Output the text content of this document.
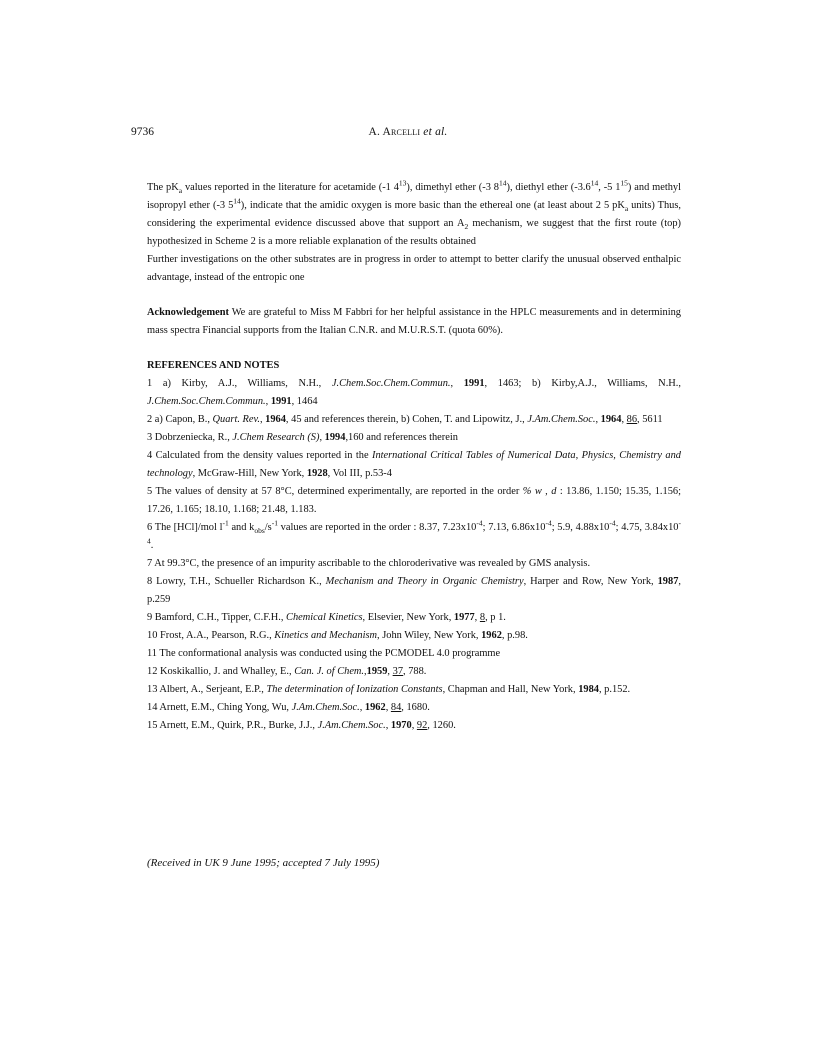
9736	A. Arcelli et al.

The $pK_a$ values reported in the literature for acetamide (-1 $4^{13}$), dimethyl ether (-3 $8^{14}$), diethyl ether ($-3.6^{14}$, -5 $1^{15}$) and methyl isopropyl ether (-3 $5^{14}$), indicate that the amidic oxygen is more basic than the ethereal one (at least about 2 5 $pK_a$ units) Thus, considering the experimental evidence discussed above that support an $A_2$ mechanism, we suggest that the first route (top) hypothesized in Scheme 2 is a more reliable explanation of the results obtained

Further investigations on the other substrates are in progress in order to attempt to better clarify the unusual observed enthalpic advantage, instead of the entropic one

Acknowledgement We are grateful to Miss M Fabbri for her helpful assistance in the HPLC measurements and in determining mass spectra Financial supports from the Italian C.N.R. and M.U.R.S.T. (quota 60%).

REFERENCES AND NOTES

1 a) Kirby, A.J., Williams, N.H., J.Chem.Soc.Chem.Commun., 1991, 1463; b) Kirby,A.J., Williams, N.H., J.Chem.Soc.Chem.Commun., 1991, 1464

2 a) Capon, B., Quart. Rev., 1964, 45 and references therein, b) Cohen, T. and Lipowitz, J., J.Am.Chem.Soc., 1964, 86, 5611

3 Dobrzeniecka, R., J.Chem Research (S), 1994,160 and references therein

4 Calculated from the density values reported in the International Critical Tables of Numerical Data, Physics, Chemistry and technology, McGraw-Hill, New York, 1928, Vol III, p.53-4

5 The values of density at 57 8°C, determined experimentally, are reported in the order % w , d : 13.86, 1.150; 15.35, 1.156; 17.26, 1.165; 18.10, 1.168; 21.48, 1.183.

6 The [HCl]/mol $l^{-1}$ and $k_{obs}/s^{-1}$ values are reported in the order : 8.37, $7.23x10^{-4}$; 7.13, $6.86x10^{-4}$; 5.9, $4.88x10^{-4}$; 4.75, $3.84x10^{-4}$.

7 At 99.3°C, the presence of an impurity ascribable to the chloroderivative was revealed by GMS analysis.

8 Lowry, T.H., Schueller Richardson K., Mechanism and Theory in Organic Chemistry, Harper and Row, New York, 1987, p.259

9 Bamford, C.H., Tipper, C.F.H., Chemical Kinetics, Elsevier, New York, 1977, 8, p 1.

10 Frost, A.A., Pearson, R.G., Kinetics and Mechanism, John Wiley, New York, 1962, p.98.

11 The conformational analysis was conducted using the PCMODEL 4.0 programme

12 Koskikallio, J. and Whalley, E., Can. J. of Chem.,1959, 37, 788.

13 Albert, A., Serjeant, E.P., The determination of Ionization Constants, Chapman and Hall, New York, 1984, p.152.

14 Arnett, E.M., Ching Yong, Wu, J.Am.Chem.Soc., 1962, 84, 1680.

15 Arnett, E.M., Quirk, P.R., Burke, J.J., J.Am.Chem.Soc., 1970, 92, 1260.

(Received in UK 9 June 1995; accepted 7 July 1995)
